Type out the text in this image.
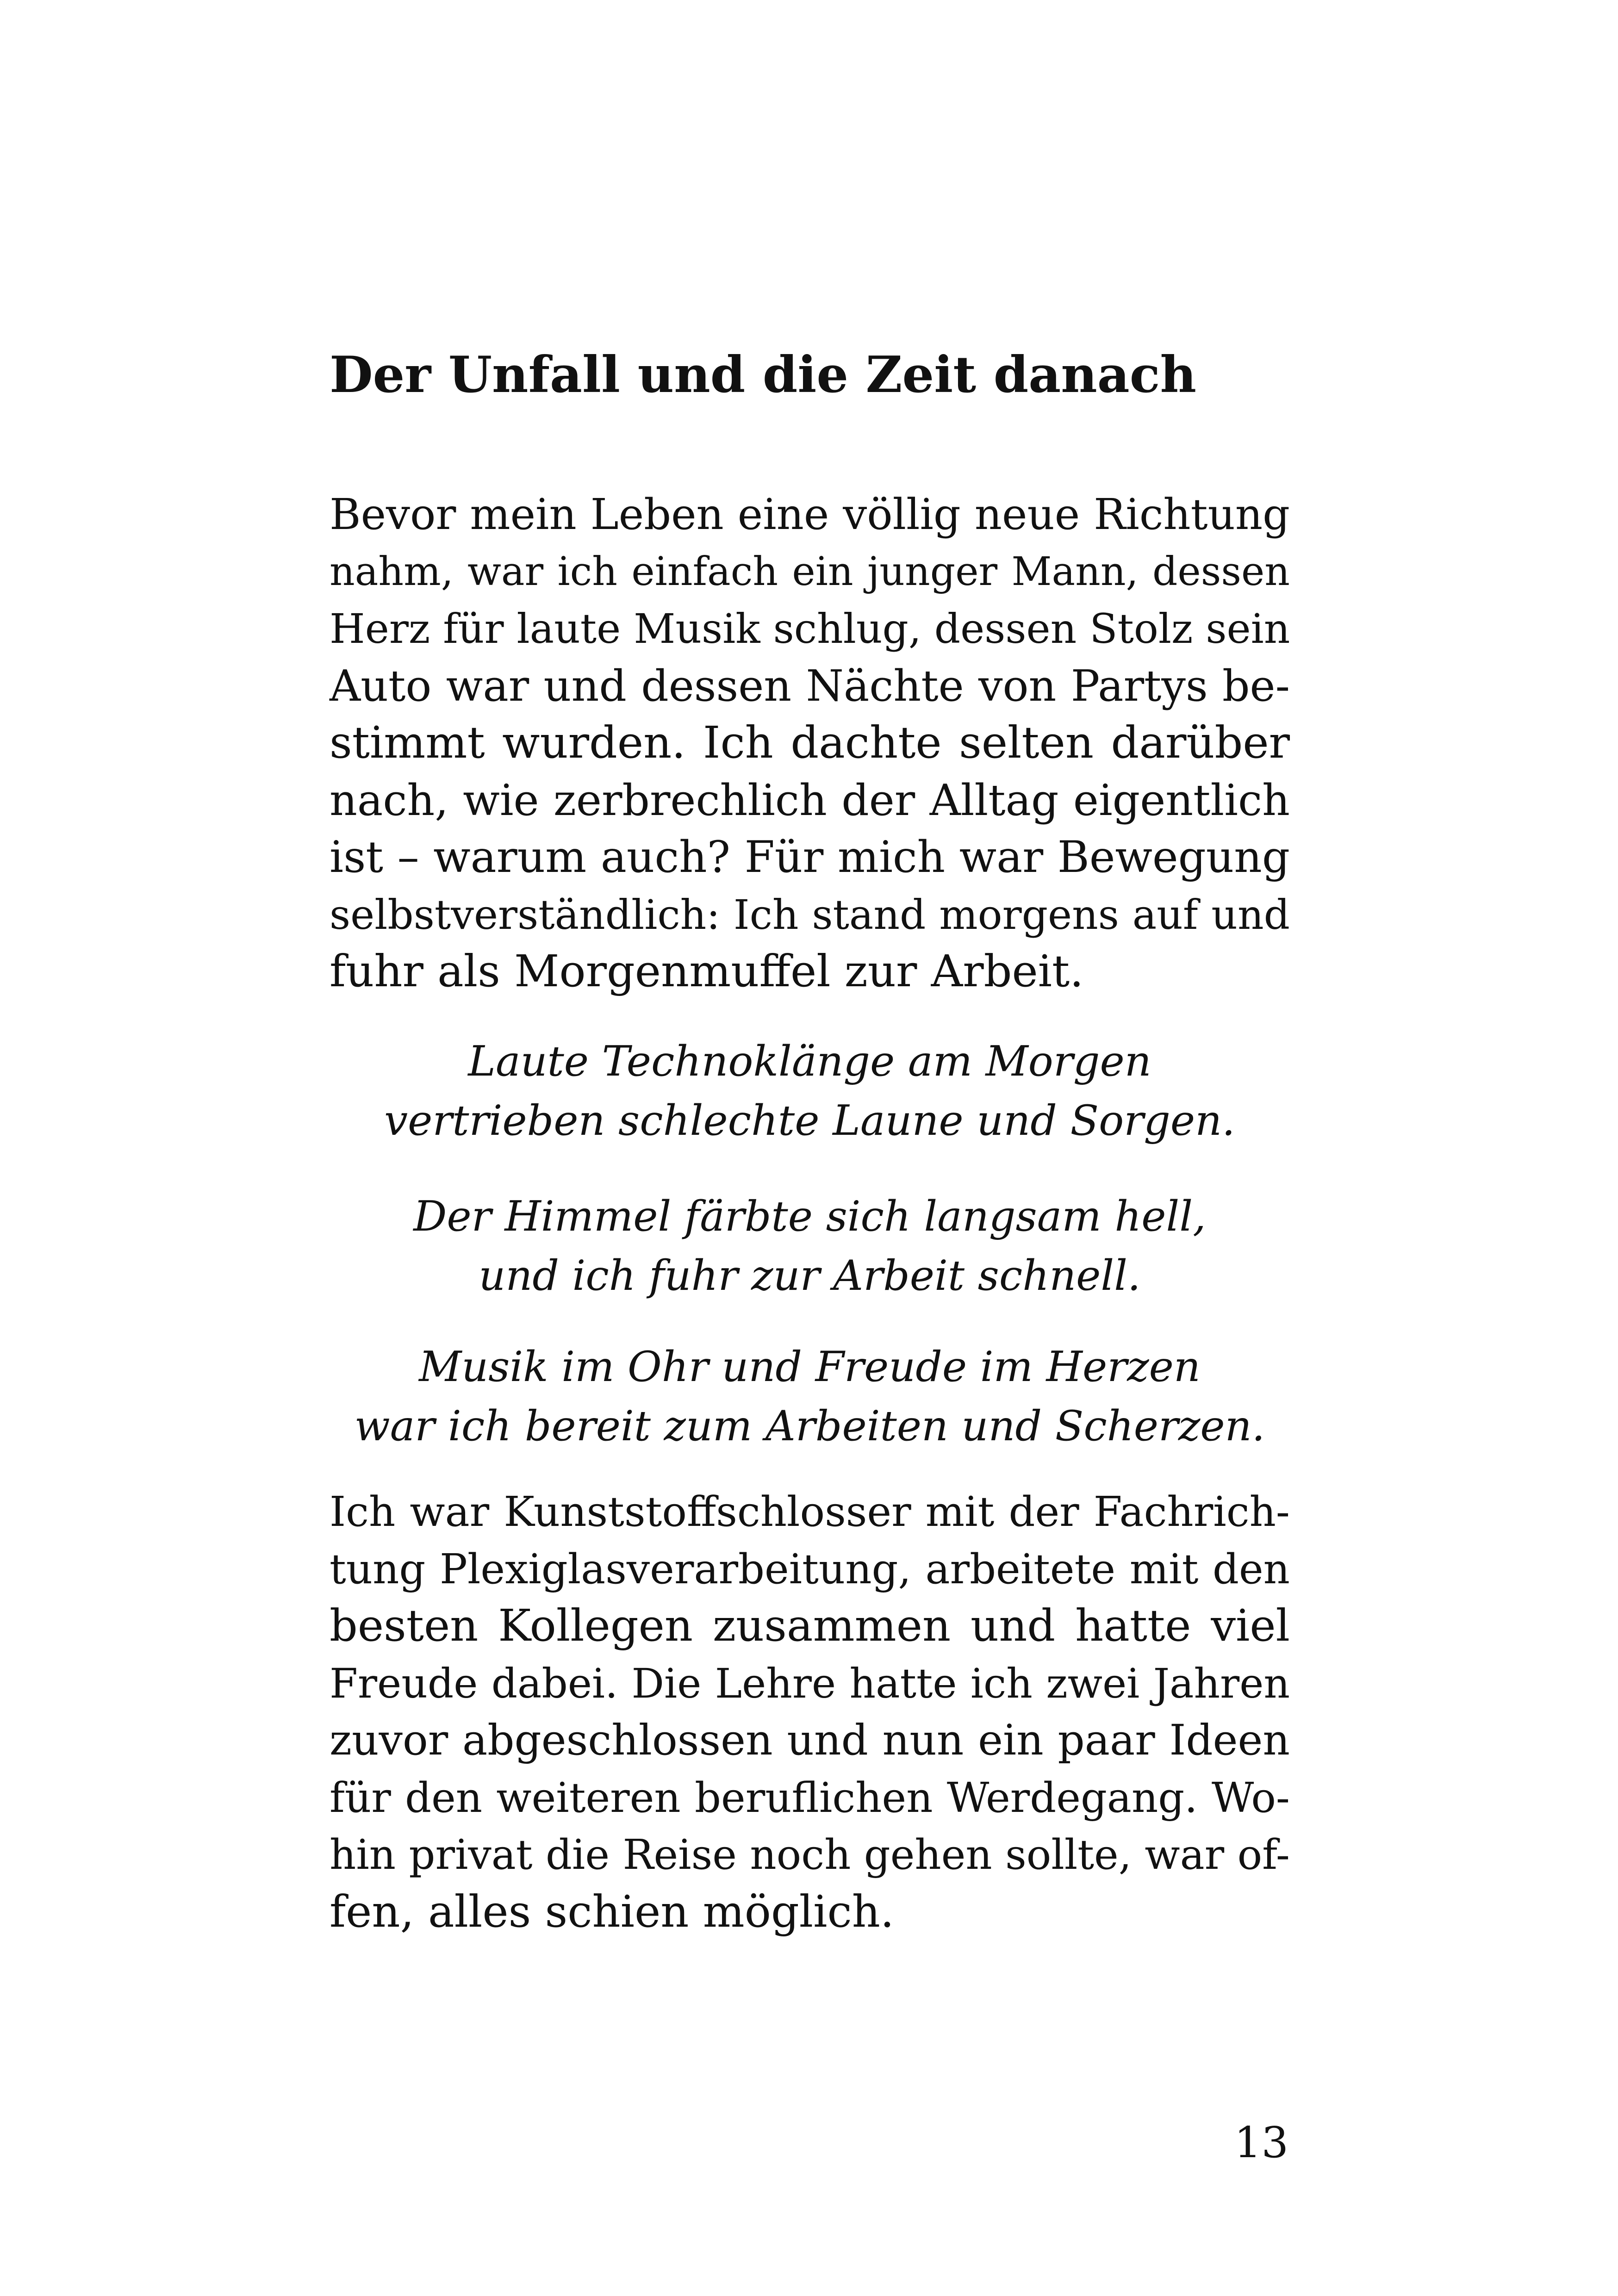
Der Unfall und die Zeit danach
Bevor mein Leben eine völlig neue Richtung
nahm, war ich einfach ein junger Mann, dessen
Herz für laute Musik schlug, dessen Stolz sein
Auto war und dessen Nächte von Partys be-
stimmt wurden. Ich dachte selten darüber
nach, wie zerbrechlich der Alltag eigentlich
ist – warum auch? Für mich war Bewegung
selbstverständlich: Ich stand morgens auf und
fuhr als Morgenmuffel zur Arbeit.
Laute Technoklänge am Morgen
vertrieben schlechte Laune und Sorgen.
Der Himmel färbte sich langsam hell,
und ich fuhr zur Arbeit schnell.
Musik im Ohr und Freude im Herzen
war ich bereit zum Arbeiten und Scherzen.
Ich war Kunststoffschlosser mit der Fachrich-
tung Plexiglasverarbeitung, arbeitete mit den
besten Kollegen zusammen und hatte viel
Freude dabei. Die Lehre hatte ich zwei Jahren
zuvor abgeschlossen und nun ein paar Ideen
für den weiteren beruflichen Werdegang. Wo-
hin privat die Reise noch gehen sollte, war of-
fen, alles schien möglich.
13
